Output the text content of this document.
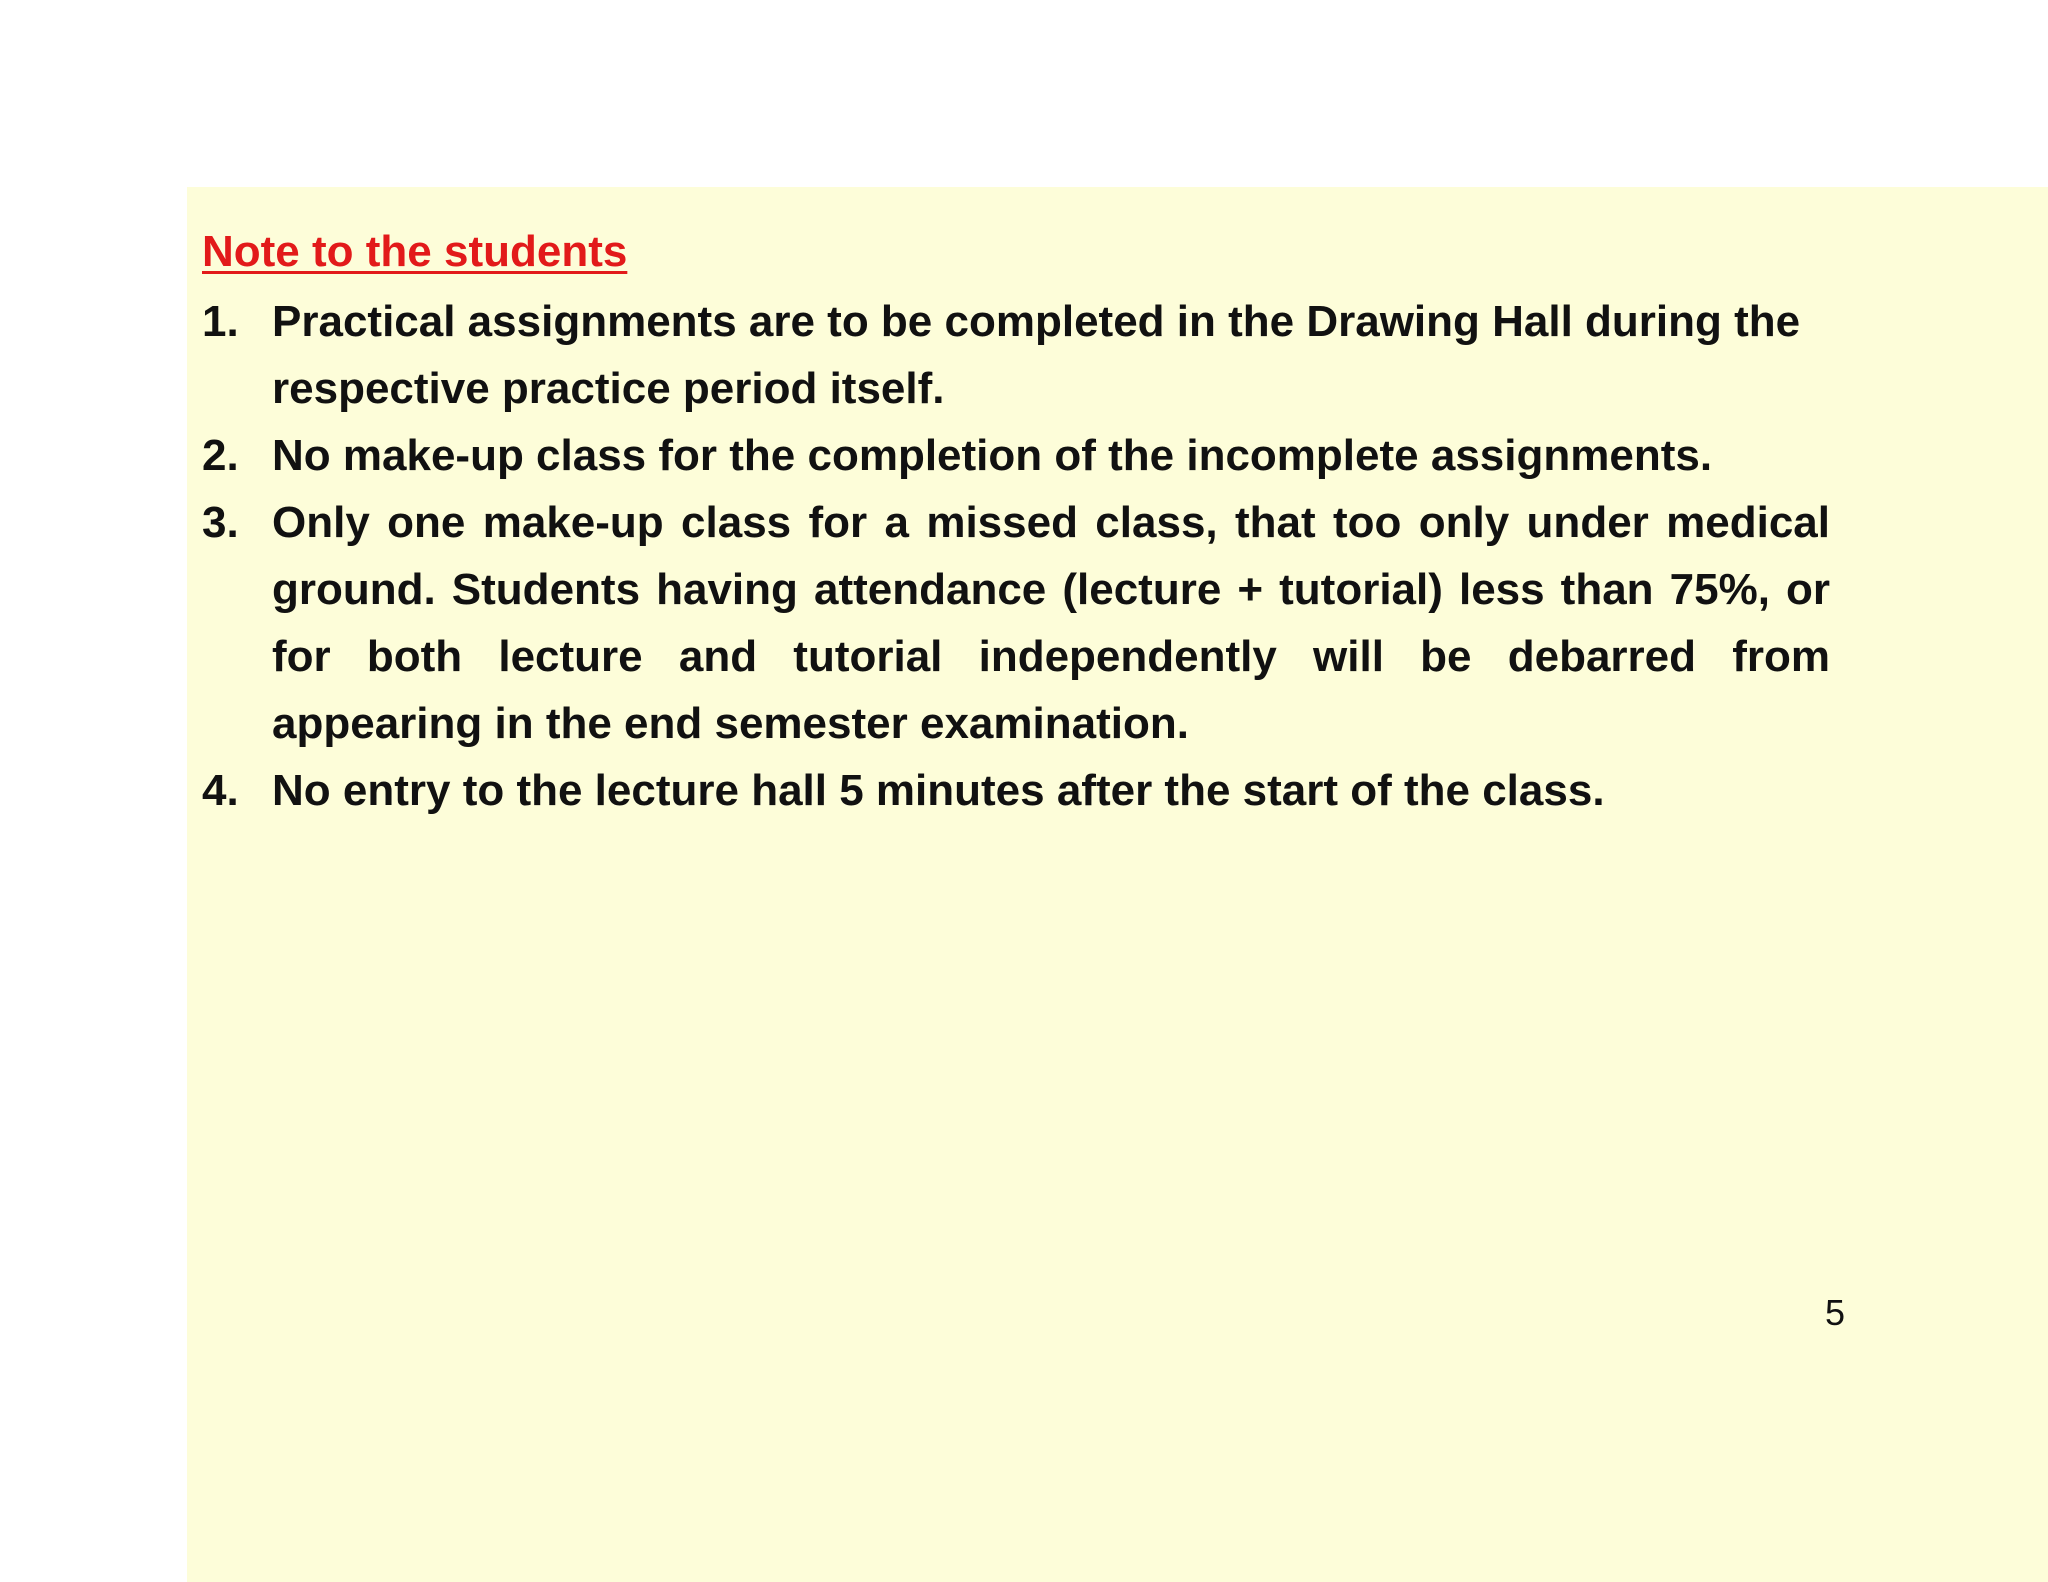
Note to the students
1. Practical assignments are to be completed in the Drawing Hall during the respective practice period itself.
2. No make-up class for the completion of the incomplete assignments.
3. Only one make-up class for a missed class, that too only under medical ground. Students having attendance (lecture + tutorial) less than 75%, or for both lecture and tutorial independently will be debarred from appearing in the end semester examination.
4. No entry to the lecture hall 5 minutes after the start of the class.
5
